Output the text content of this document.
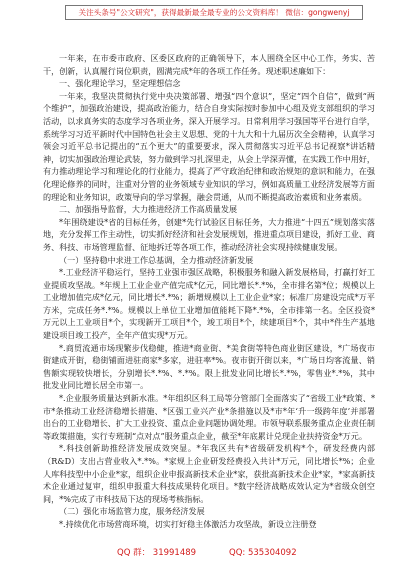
关注头条号"公文研究"，获得最新最全最专业的公文资料库！ 微信：gongwenyj

一年来，在市委市政府、区委区政府的正确领导下，本人围绕全区中心工作，务实、苦干，创新，认真履行岗位职责，圆满完成*年的各项工作任务。现述职述廉如下：

一、强化理论学习，坚定理想信念

一年来，我坚决贯彻执行党中央决策部署、增强“四个意识”，坚定“四个自信”，做到“两个维护”，加强政治建设，提高政治能力，结合自身实际按时参加中心组及党支部组织的学习活动，以求真务实的态度学习各项业务，深入开展学习。日常利用学习强国等平台进行自学，系统学习习近平新时代中国特色社会主义思想、党的十九大和十九届历次全会精神，认真学习领会习近平总书记提出的“五个更大”的重要要求，深入贯彻落实习近平总书记视察*讲话精神，切实加强政治理论武装，努力做到学习扎深里走，从会上学深弄懂，在实践工作中用好，有力推动理论学习和理论化的行业能力，提高了严守政治纪律和政治规矩的意识和能力，在强化理论修养的同时，注重对分管的业务领域专业知识的学习，例如高质量工业经济发展等方面的理论和业务知识，政策导向的学习掌握，融会贯通，从而不断提高政治素质和业务素质。

二、加强指导监督，大力推进经济工作高质量发展

*年围绕建设*省的目标任务，创建*先行试验区目标任务，大力推进“十四五”规划落实落地，充分发挥工作主动性，切实抓好经济和社会发展规划，推进重点项目建设，抓好工业、商务、科技、市场管理监督、征地拆迁等各项工作，推动经济社会实现持续健康发展。

（一）坚持稳中求进工作总基调，全力推动经济新发展

*.工业经济平稳运行，坚持工业强市强区战略，积极服务和融入新发展格局，打赢打好工业提质攻坚战。*年规上工业企业产值完成*亿元，同比增长*.*%，全市排名第*位；规模以上工业增加值完成*亿元，同比增长*.*%；新增规模以上工业企业*家；标准厂房建设完成*万平方米，完成任务*.*%。规模以上单位工业增加值能耗下降*.*%，全市排第一名。全区投资*万元以上工业项目*个，实现新开工项目*个，竣工项目*个，续建项目*个，其中*件生产基地建设项目竣工投产，全年产值实现*万元。

*.商贸流通市场现繁步伐稳健，推进*商业街、*美食街等特色商业街区建设，*广场夜市街建成开街，稳街铺面进驻商家*多家，进驻率*%。夜市街开街以来，*广场日均客流量、销售额实现较快增长，分别增长*.*%、*.*%。限上批发业同比增长*.*%，零售业*.*%，其中批发业同比增长居全市第一。

*.企业服务质量达到新水准。*年组织区科工局等分管部门全面落实了“省级工业*政策、*市*条推动工业经济稳增长措施、*区强工业兴产业*条措施以及*市*年‘升一级跨年度’并部署出台的工业稳增长、扩大工业投资、重点企业问题协调处理。市领导联系服务重点企业责任制等政策措施，实行专班制“点对点”服务重点企业，截至*年底累计兑现企业扶持资金*万元。

*.科技创新助推经济发展成效突显。*年我区共有*省级研发机构*个，研发经费内部（R&D）支出占营业收入*.*%。*家规上企业研发经费投入共计*万元，同比增长*%；企业人库科技型中小企业*家，组织企业申报高新技术企业*家，获批高新技术企业*家，*家高新技术企业通过复审，组织申报重大科技成果转化项目。*数字经济战略成效认定为*省级众创空间，*%完成了市科技局下达的现场考核指标。

（二）强化市场监管力度，服务经济发展

*.持续优化市场营商环境，切实打好稳主体激活力攻坚战，新设立注册登

QQ 群： 31991489	QQ: 535304092
